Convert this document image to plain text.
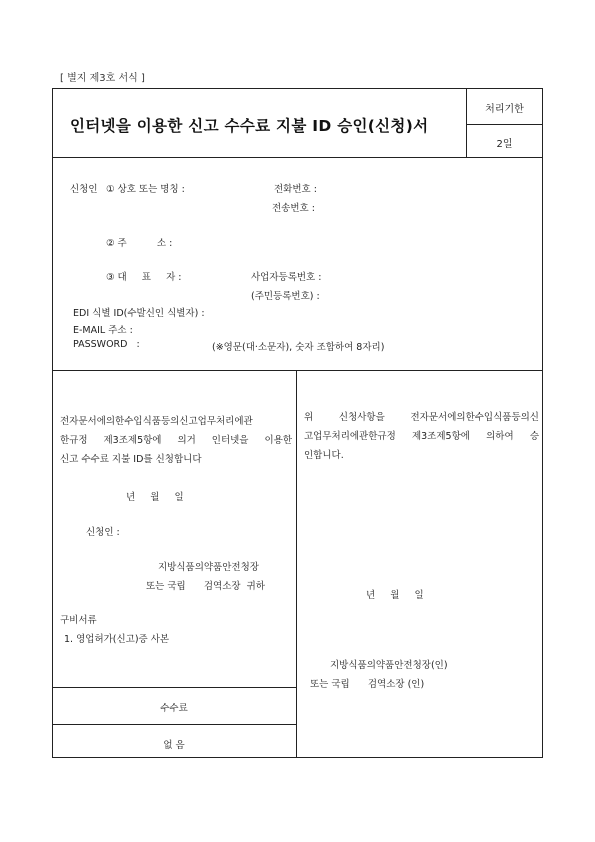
[ 별지 제3호 서식 ]
인터넷을 이용한 신고 수수료 지불 ID 승인(신청)서
처리기한
2일
신청인 ① 상호 또는 명칭 :	전화번호 :
전송번호 :
② 주          소 :
③ 대     표     자 :	사업자등록번호 :
(주민등록번호) :
EDI 식별 ID(수발신인 식별자) :
E-MAIL 주소 :
PASSWORD   :	(※영문(대·소문자), 숫자 조합하여 8자리)
전자문서에의한수입식품등의신고업무처리에관
한규정 제3조제5항에 의거 인터넷을 이용한
신고 수수료 지불 ID를 신청합니다
년     월     일
신청인 :
지방식품의약품안전청장
또는 국립      검역소장  귀하
구비서류
1. 영업허가(신고)증 사본
수수료
없 음
위 신청사항을 전자문서에의한수입식품등의신
고업무처리에관한규정 제3조제5항에 의하여 승
인합니다.
년     월     일
지방식품의약품안전청장(인)
또는 국립      검역소장 (인)
